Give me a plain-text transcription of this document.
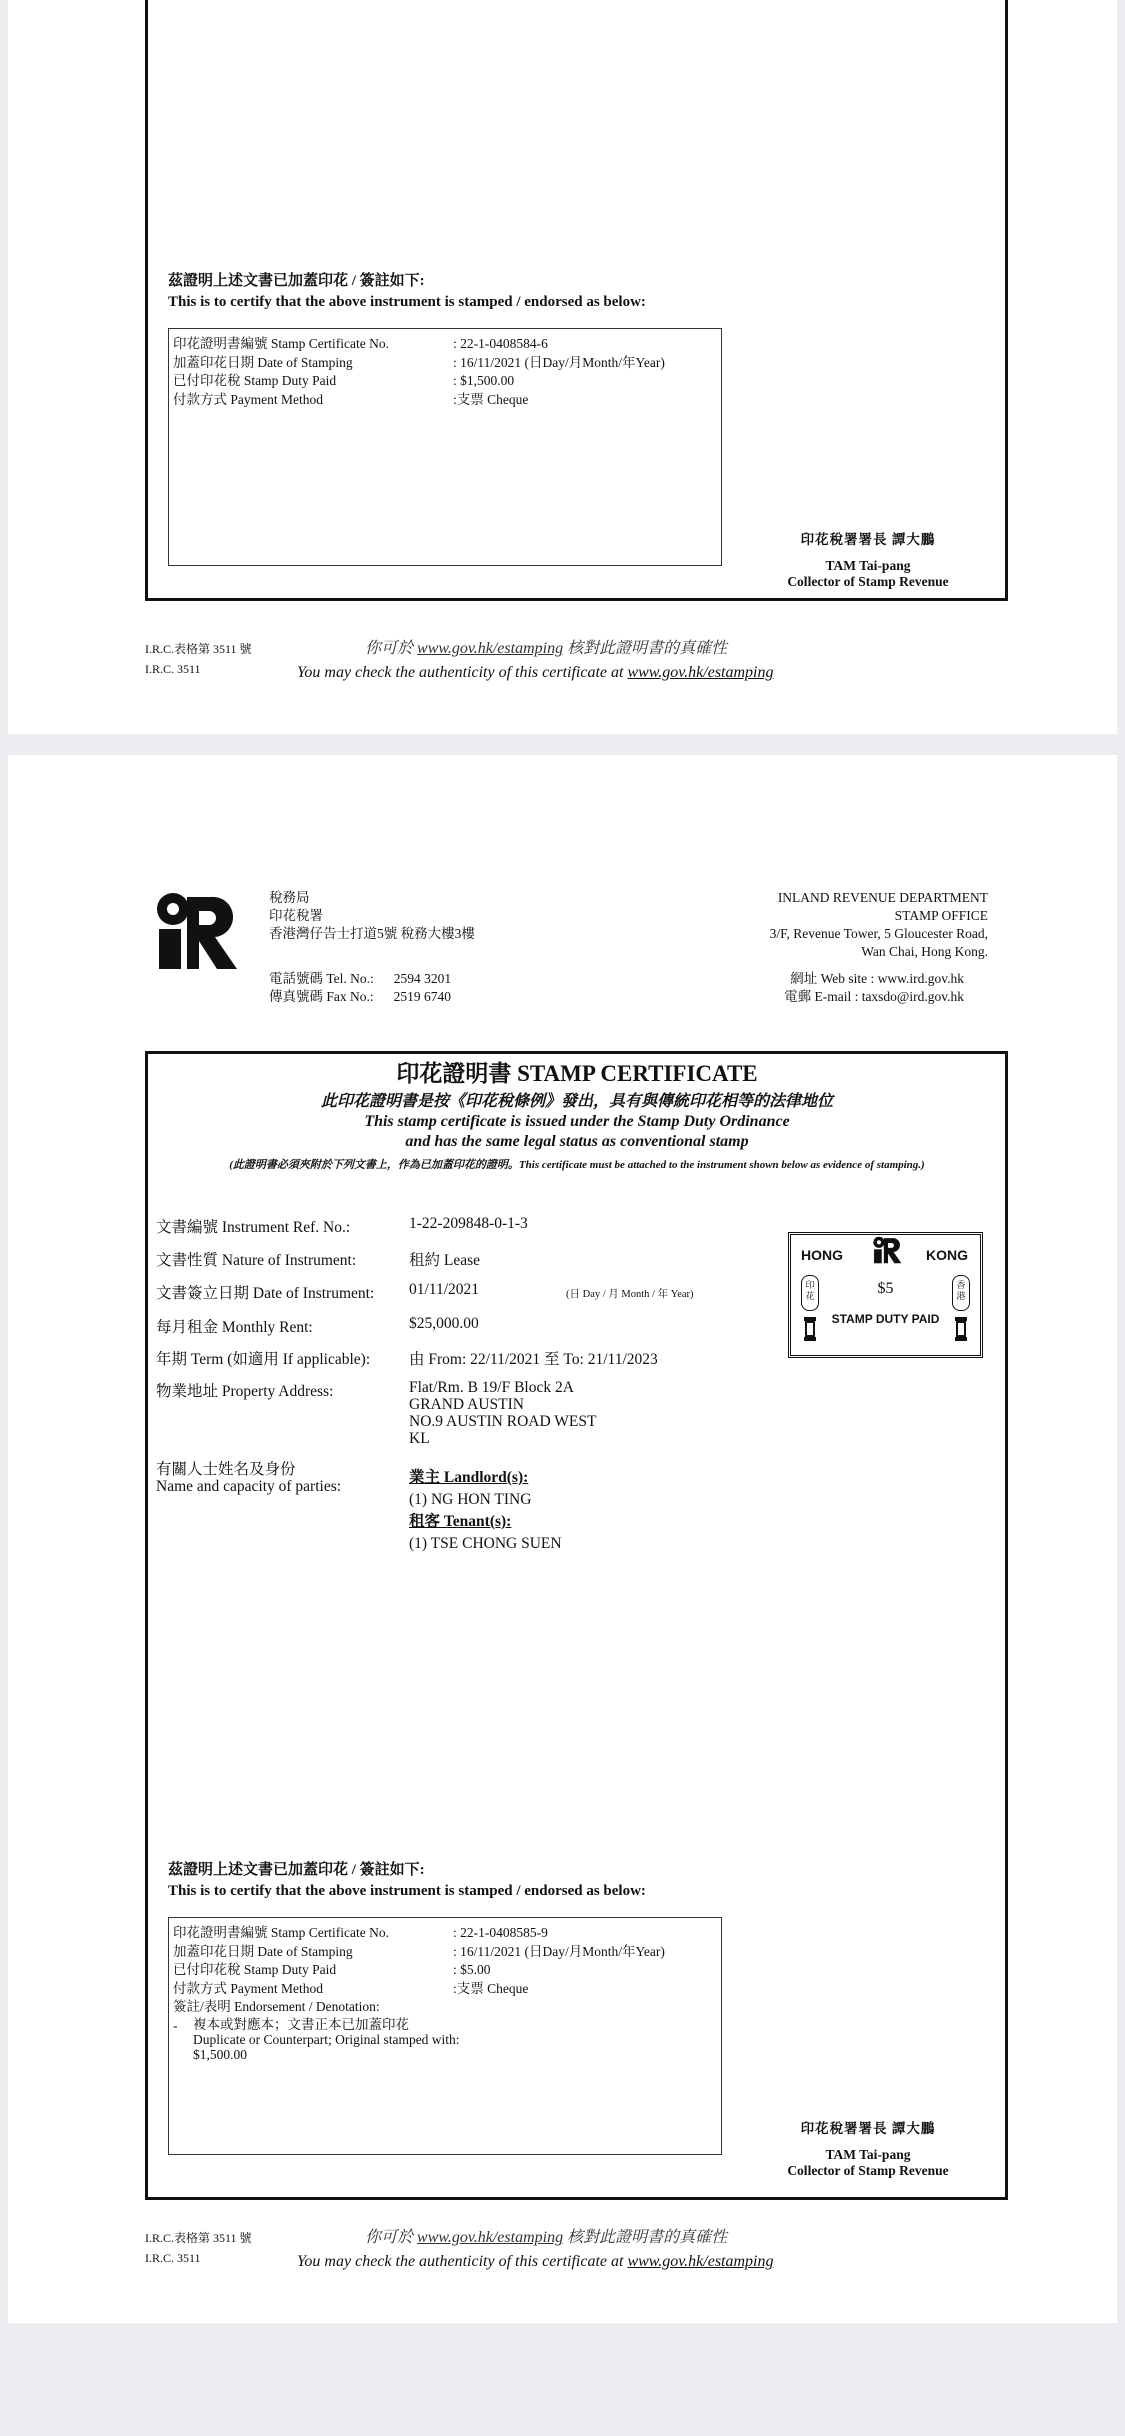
茲證明上述文書已加蓋印花 / 簽註如下:
This is to certify that the above instrument is stamped / endorsed as below:
印花證明書編號 Stamp Certificate No.	: 22-1-0408584-6
加蓋印花日期 Date of Stamping	: 16/11/2021 (日Day/月Month/年Year)
已付印花稅 Stamp Duty Paid	: $1,500.00
付款方式 Payment Method	:支票 Cheque
印花稅署署長 譚大鵬
TAM Tai-pang
Collector of Stamp Revenue
I.R.C.表格第 3511 號
I.R.C. 3511
你可於 www.gov.hk/estamping 核對此證明書的真確性
You may check the authenticity of this certificate at www.gov.hk/estamping
稅務局
印花稅署
香港灣仔告士打道5號 稅務大樓3樓
INLAND REVENUE DEPARTMENT
STAMP OFFICE
3/F, Revenue Tower, 5 Gloucester Road,
Wan Chai, Hong Kong.
電話號碼 Tel. No.: 2594 3201
傳真號碼 Fax No.: 2519 6740
網址 Web site : www.ird.gov.hk
電郵 E-mail : taxsdo@ird.gov.hk
印花證明書 STAMP CERTIFICATE
此印花證明書是按《印花稅條例》發出，具有與傳統印花相等的法律地位
This stamp certificate is issued under the Stamp Duty Ordinance
and has the same legal status as conventional stamp
(此證明書必須夾附於下列文書上，作為已加蓋印花的證明。This certificate must be attached to the instrument shown below as evidence of stamping.)
文書編號 Instrument Ref. No.:	1-22-209848-0-1-3
文書性質 Nature of Instrument:	租約 Lease
文書簽立日期 Date of Instrument: 01/11/2021	(日 Day / 月 Month / 年 Year)
每月租金 Monthly Rent:	$25,000.00
年期 Term (如適用 If applicable):	由 From: 22/11/2021 至 To: 21/11/2023
物業地址 Property Address:	Flat/Rm. B 19/F Block 2A
GRAND AUSTIN
NO.9 AUSTIN ROAD WEST
KL
有關人士姓名及身份
Name and capacity of parties:
業主 Landlord(s):
(1) NG HON TING
租客 Tenant(s):
(1) TSE CHONG SUEN
HONG	KONG
印花
香港
$5
STAMP DUTY PAID
茲證明上述文書已加蓋印花 / 簽註如下:
This is to certify that the above instrument is stamped / endorsed as below:
印花證明書編號 Stamp Certificate No.	: 22-1-0408585-9
加蓋印花日期 Date of Stamping	: 16/11/2021 (日Day/月Month/年Year)
已付印花稅 Stamp Duty Paid	: $5.00
付款方式 Payment Method	:支票 Cheque
簽註/表明 Endorsement / Denotation:
-	複本或對應本；文書正本已加蓋印花
Duplicate or Counterpart; Original stamped with:
$1,500.00
印花稅署署長 譚大鵬
TAM Tai-pang
Collector of Stamp Revenue
I.R.C.表格第 3511 號
I.R.C. 3511
你可於 www.gov.hk/estamping 核對此證明書的真確性
You may check the authenticity of this certificate at www.gov.hk/estamping
